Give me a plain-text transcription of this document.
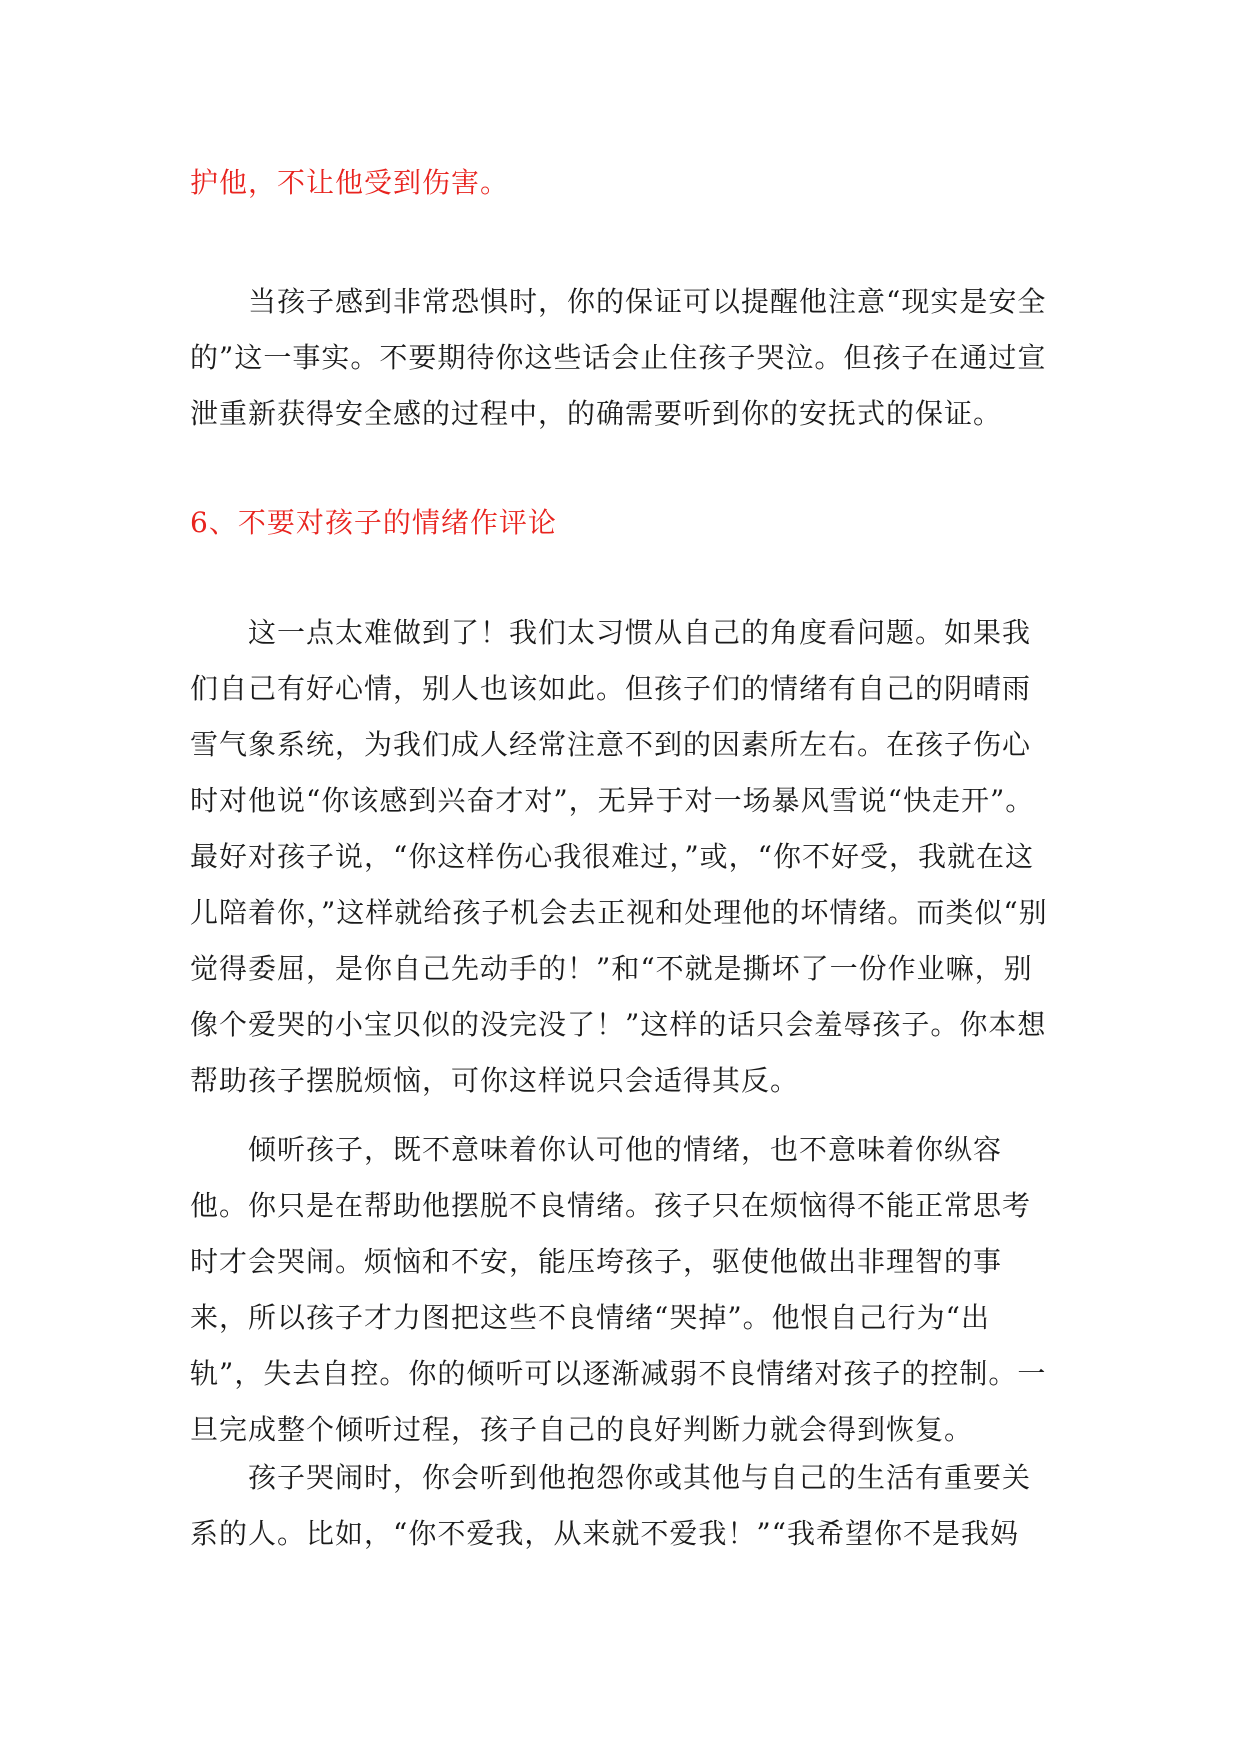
护他，不让他受到伤害。
当孩子感到非常恐惧时，你的保证可以提醒他注意“现实是安全的”这一事实。不要期待你这些话会止住孩子哭泣。但孩子在通过宣泄重新获得安全感的过程中，的确需要听到你的安抚式的保证。
6、不要对孩子的情绪作评论
这一点太难做到了！我们太习惯从自己的角度看问题。如果我们自己有好心情，别人也该如此。但孩子们的情绪有自己的阴晴雨雪气象系统，为我们成人经常注意不到的因素所左右。在孩子伤心时对他说“你该感到兴奋才对”，无异于对一场暴风雪说“快走开”。最好对孩子说，“你这样伤心我很难过，”或，“你不好受，我就在这儿陪着你，”这样就给孩子机会去正视和处理他的坏情绪。而类似“别觉得委屈，是你自己先动手的！”和“不就是撕坏了一份作业嘛，别像个爱哭的小宝贝似的没完没了！”这样的话只会羞辱孩子。你本想帮助孩子摆脱烦恼，可你这样说只会适得其反。
倾听孩子，既不意味着你认可他的情绪，也不意味着你纵容他。你只是在帮助他摆脱不良情绪。孩子只在烦恼得不能正常思考时才会哭闹。烦恼和不安，能压垮孩子，驱使他做出非理智的事来，所以孩子才力图把这些不良情绪“哭掉”。他恨自己行为“出轨”，失去自控。你的倾听可以逐渐减弱不良情绪对孩子的控制。一旦完成整个倾听过程，孩子自己的良好判断力就会得到恢复。
孩子哭闹时，你会听到他抱怨你或其他与自己的生活有重要关系的人。比如，“你不爱我，从来就不爱我！”“我希望你不是我妈
